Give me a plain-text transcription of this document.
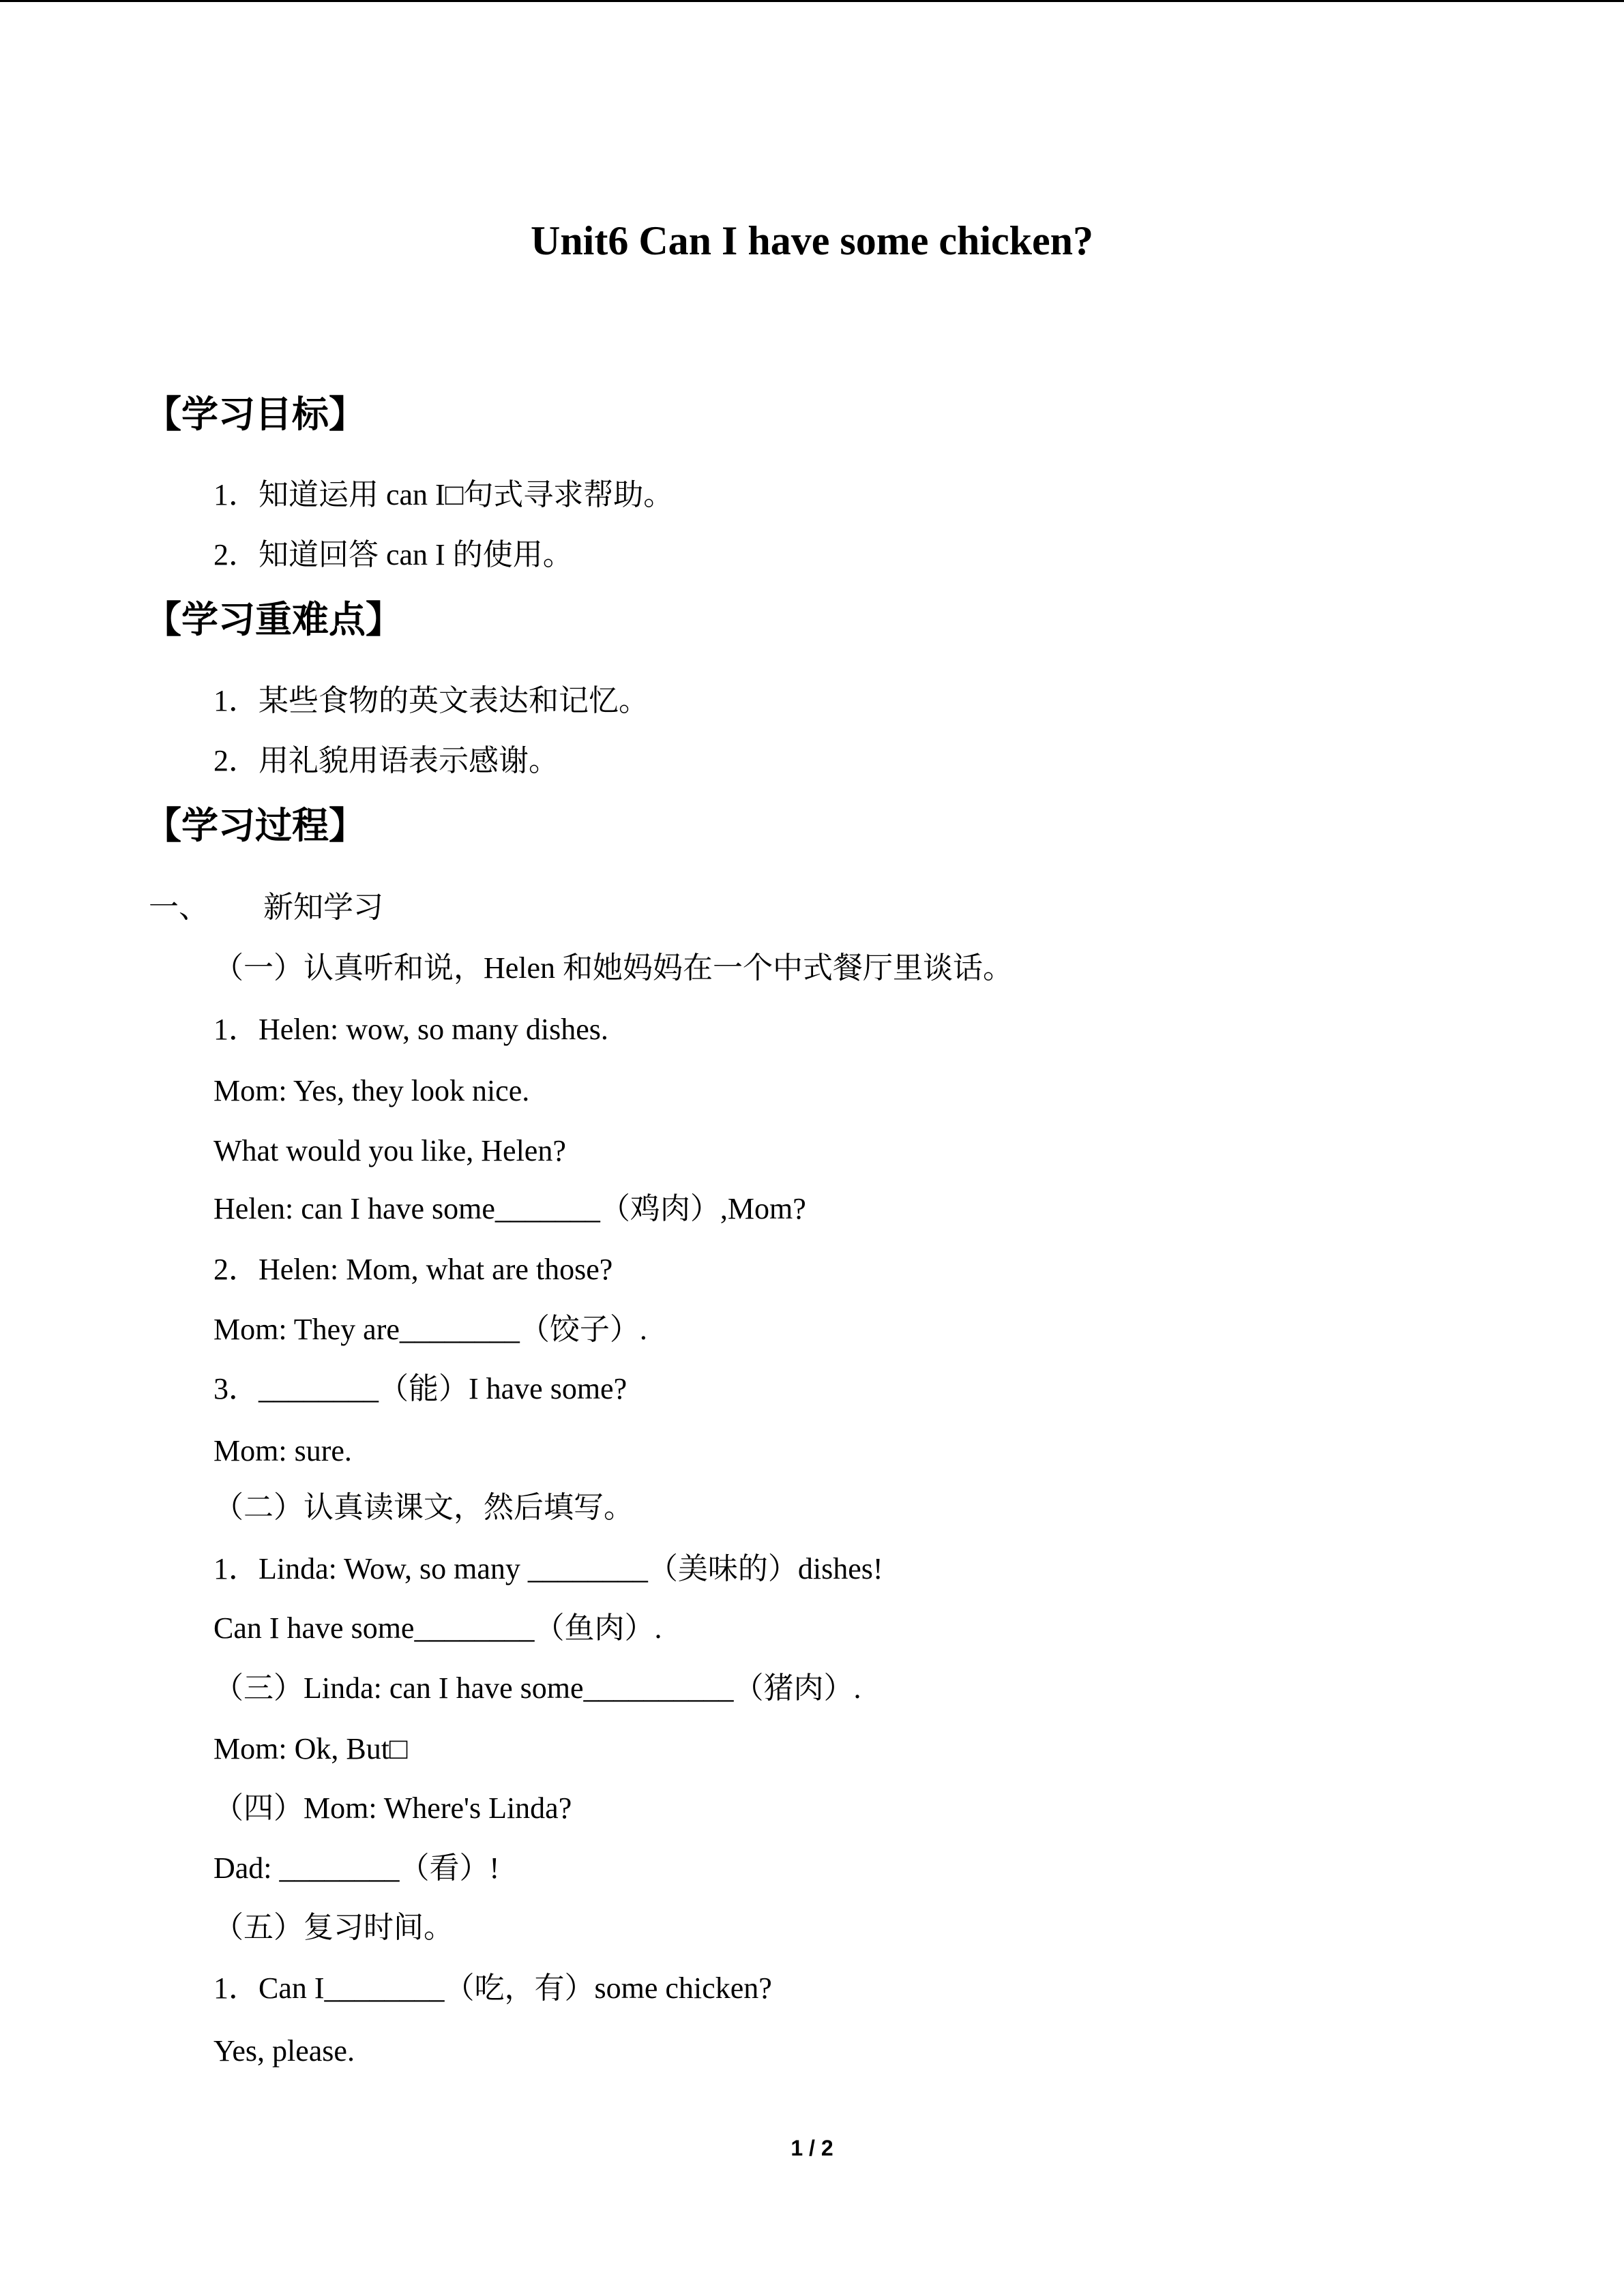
Unit6 Can I have some chicken?
【学习目标】
1．知道运用 can I□句式寻求帮助。
2．知道回答 can I 的使用。
【学习重难点】
1．某些食物的英文表达和记忆。
2．用礼貌用语表示感谢。
【学习过程】
一、 新知学习
（一）认真听和说，Helen 和她妈妈在一个中式餐厅里谈话。
1．Helen: wow, so many dishes.
Mom: Yes, they look nice.
What would you like, Helen?
Helen: can I have some_______（鸡肉）,Mom?
2．Helen: Mom, what are those?
Mom: They are________（饺子）.
3．________（能）I have some?
Mom: sure.
（二）认真读课文，然后填写。
1．Linda: Wow, so many ________（美味的）dishes!
Can I have some________（鱼肉）.
（三）Linda: can I have some__________（猪肉）.
Mom: Ok, But□
（四）Mom: Where's Linda?
Dad: ________（看）!
（五）复习时间。
1．Can I________（吃，有）some chicken?
Yes, please.
1 / 2
